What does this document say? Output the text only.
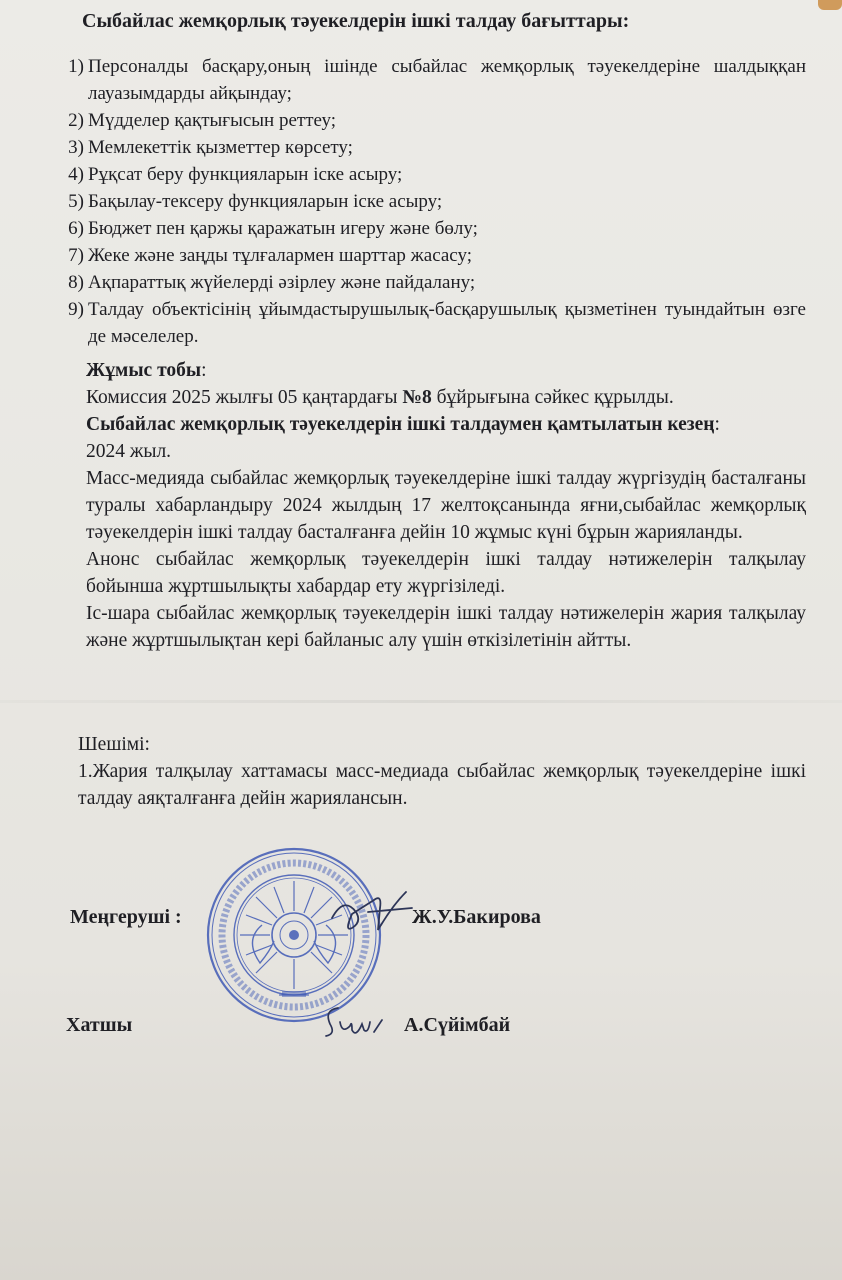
Сыбайлас жемқорлық тәуекелдерін ішкі талдау бағыттары:
1) Персоналды басқару,оның ішінде сыбайлас жемқорлық тәуекелдеріне шалдыққан лауазымдарды айқындау;
2) Мүдделер қақтығысын реттеу;
3) Мемлекеттік қызметтер көрсету;
4) Рұқсат беру функцияларын іске асыру;
5) Бақылау-тексеру функцияларын іске асыру;
6) Бюджет пен қаржы қаражатын игеру және бөлу;
7) Жеке және заңды тұлғалармен шарттар жасасу;
8) Ақпараттық жүйелерді әзірлеу және пайдалану;
9) Талдау объектісінің ұйымдастырушылық-басқарушылық қызметінен туындайтын өзге де мәселелер.

Жұмыс тобы:

Комиссия 2025 жылғы 05 қаңтардағы №8 бұйрығына сәйкес құрылды.

Сыбайлас жемқорлық тәуекелдерін ішкі талдаумен қамтылатын кезең:

2024 жыл.

Масс-медияда сыбайлас жемқорлық тәуекелдеріне ішкі талдау жүргізудің басталғаны туралы хабарландыру 2024 жылдың 17 желтоқсанында яғни,сыбайлас жемқорлық тәуекелдерін ішкі талдау басталғанға дейін 10 жұмыс күні бұрын жарияланды.

Анонс сыбайлас жемқорлық тәуекелдерін ішкі талдау нәтижелерін талқылау бойынша жұртшылықты хабардар ету жүргізіледі.

Іс-шара сыбайлас жемқорлық тәуекелдерін ішкі талдау нәтижелерін жария талқылау және жұртшылықтан кері байланыс алу үшін өткізілетінін айтты.

Шешімі:

1.Жария талқылау хаттамасы масс-медиада сыбайлас жемқорлық тәуекелдеріне ішкі талдау аяқталғанға дейін жариялансын.

Меңгеруші :	Ж.У.Бакирова
Хатшы	А.Сүйімбай
